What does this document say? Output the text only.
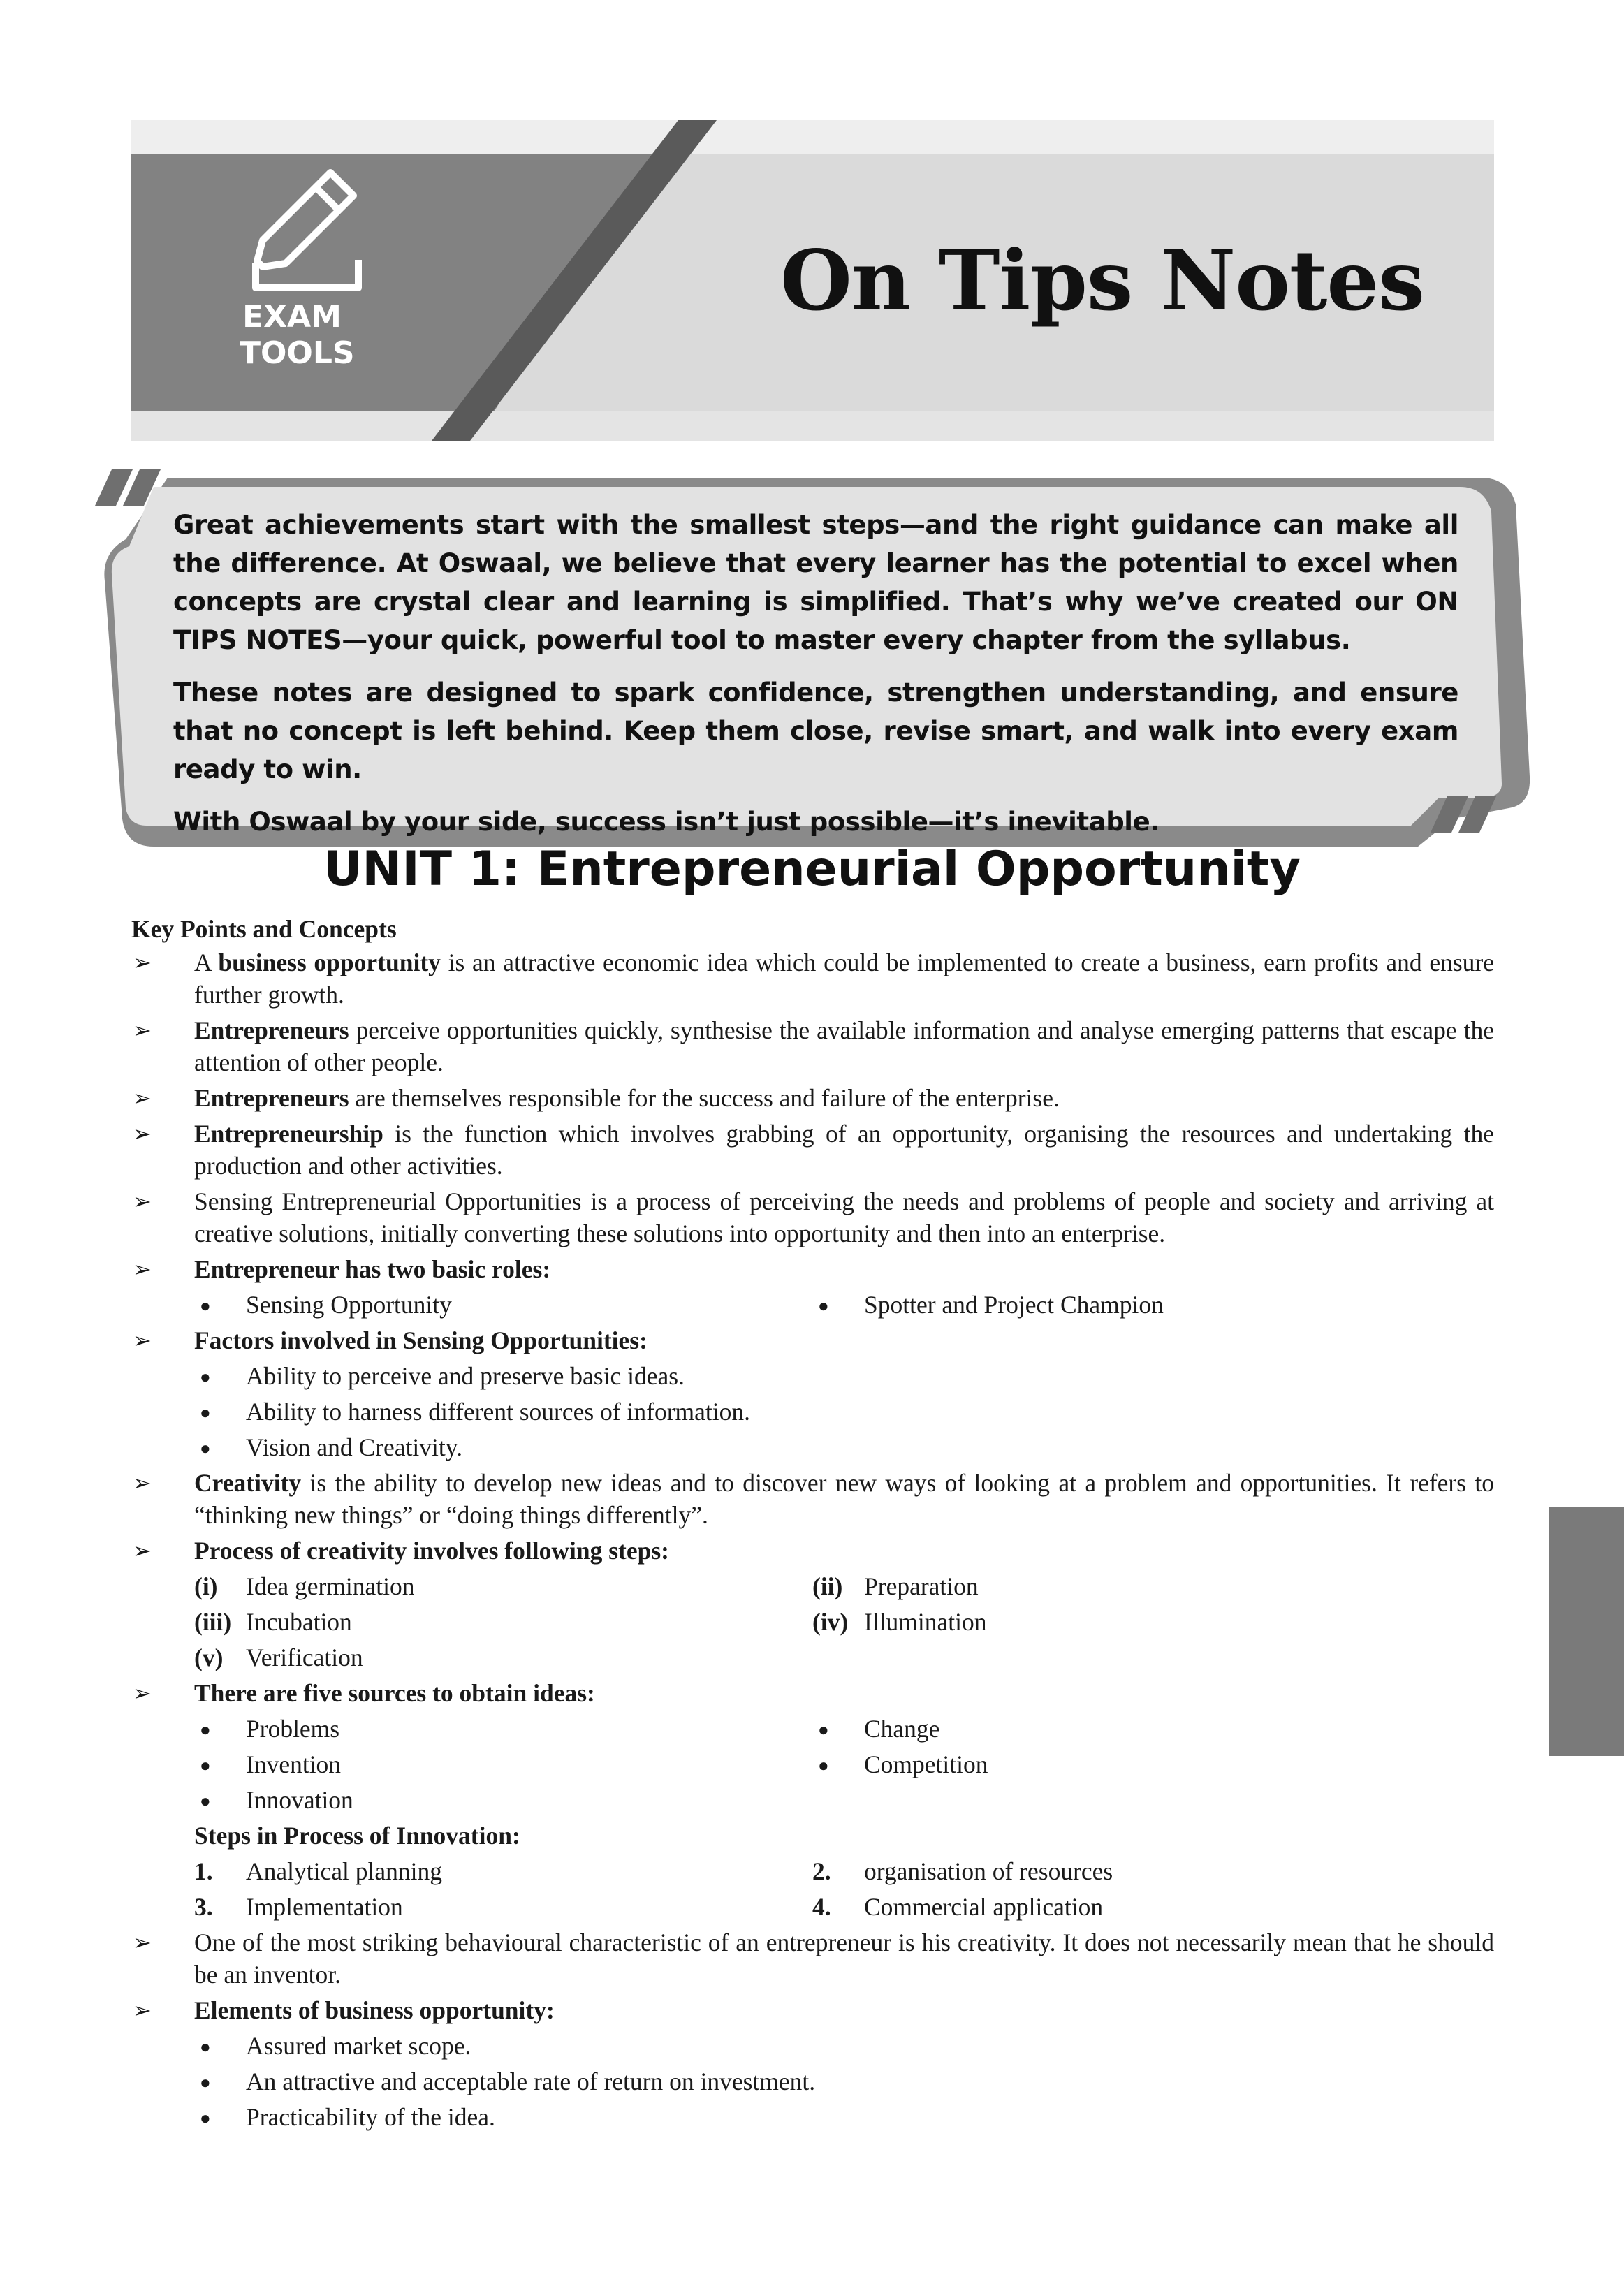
EXAM
TOOLS
On Tips Notes

Great achievements start with the smallest steps—and the right guidance can make all the difference. At Oswaal, we believe that every learner has the potential to excel when concepts are crystal clear and learning is simplified. That’s why we’ve created our ON TIPS NOTES—your quick, powerful tool to master every chapter from the syllabus.

These notes are designed to spark confidence, strengthen understanding, and ensure that no concept is left behind. Keep them close, revise smart, and walk into every exam ready to win.

With Oswaal by your side, success isn’t just possible—it’s inevitable.

UNIT 1: Entrepreneurial Opportunity
Key Points and Concepts
➢ A business opportunity is an attractive economic idea which could be implemented to create a business, earn profits and ensure further growth.
➢ Entrepreneurs perceive opportunities quickly, synthesise the available information and analyse emerging patterns that escape the attention of other people.
➢ Entrepreneurs are themselves responsible for the success and failure of the enterprise.
➢ Entrepreneurship is the function which involves grabbing of an opportunity, organising the resources and undertaking the production and other activities.
➢ Sensing Entrepreneurial Opportunities is a process of perceiving the needs and problems of people and society and arriving at creative solutions, initially converting these solutions into opportunity and then into an enterprise.
➢ Entrepreneur has two basic roles:
● Sensing Opportunity	● Spotter and Project Champion
➢ Factors involved in Sensing Opportunities:
● Ability to perceive and preserve basic ideas.
● Ability to harness different sources of information.
● Vision and Creativity.
➢ Creativity is the ability to develop new ideas and to discover new ways of looking at a problem and opportunities. It refers to “thinking new things” or “doing things differently”.
➢ Process of creativity involves following steps:
(i) Idea germination	(ii) Preparation
(iii) Incubation	(iv) Illumination
(v) Verification
➢ There are five sources to obtain ideas:
● Problems	● Change
● Invention	● Competition
● Innovation
Steps in Process of Innovation:
1. Analytical planning	2. organisation of resources
3. Implementation	4. Commercial application
➢ One of the most striking behavioural characteristic of an entrepreneur is his creativity. It does not necessarily mean that he should be an inventor.
➢ Elements of business opportunity:
● Assured market scope.
● An attractive and acceptable rate of return on investment.
● Practicability of the idea.
